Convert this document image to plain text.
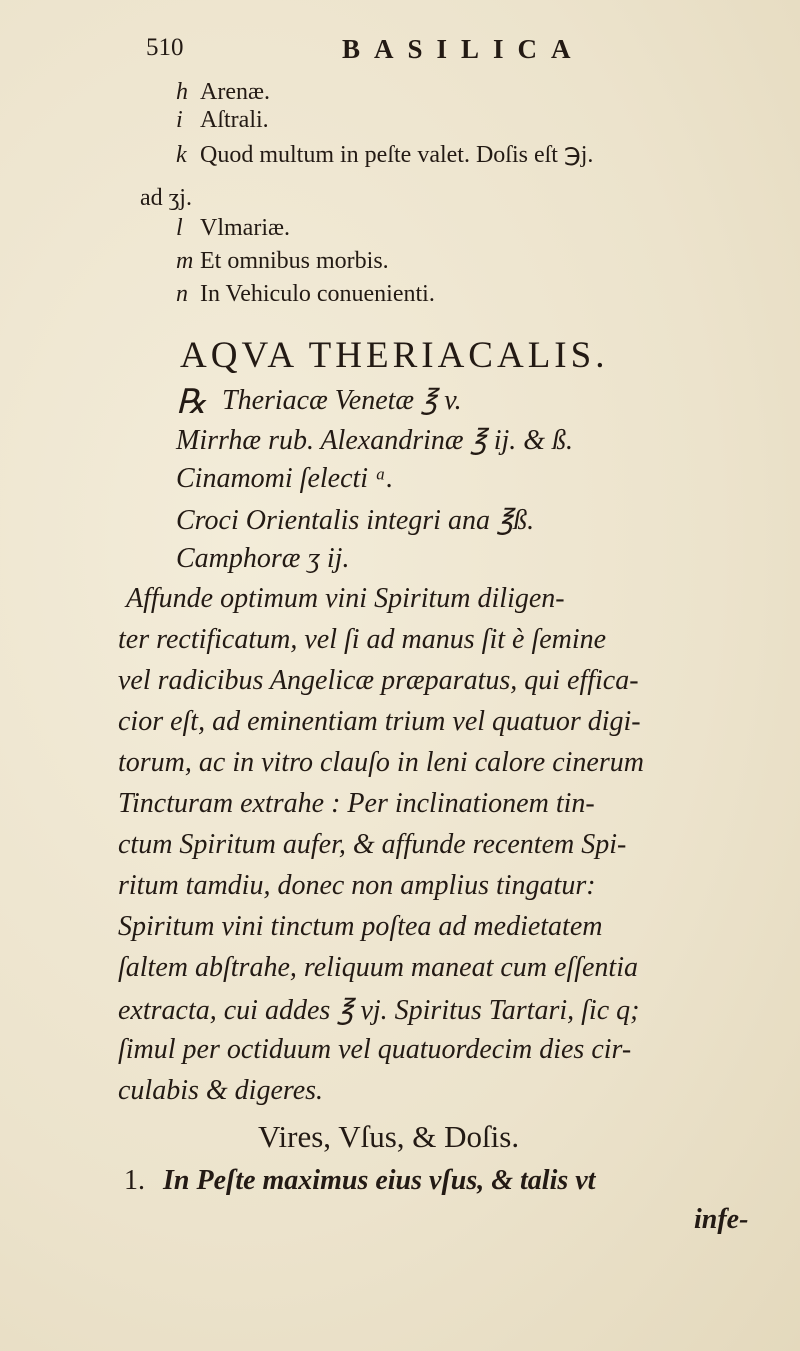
510	BASILICA
h Arenæ.
i Aſtrali.
k Quod multum in peſte valet. Doſis eſt ℈j.
ad ʒj.
l Vlmariæ.
m Et omnibus morbis.
n In Vehiculo conuenienti.
AQVA THERIACALIS.
℞ Theriacæ Venetæ ℥ v.
Mirrhæ rub. Alexandrinæ ℥ ij. & ß.
Cinamomi ſelecti ᵃ.
Croci Orientalis integri ana ℥ß.
Camphoræ ʒ ij.
Affunde optimum vini Spiritum diligen-
ter rectificatum, vel ſi ad manus ſit è ſemine
vel radicibus Angelicæ præparatus, qui effica-
cior eſt, ad eminentiam trium vel quatuor digi-
torum, ac in vitro clauſo in leni calore cinerum
Tincturam extrahe : Per inclinationem tin-
ctum Spiritum aufer, & affunde recentem Spi-
ritum tamdiu, donec non amplius tingatur:
Spiritum vini tinctum poſtea ad medietatem
ſaltem abſtrahe, reliquum maneat cum eſſentia
extracta, cui addes ℥ vj. Spiritus Tartari, ſic q;
ſimul per octiduum vel quatuordecim dies cir-
culabis & digeres.
Vires, Vſus, & Doſis.
1. In Peſte maximus eius vſus, & talis vt
infe-
